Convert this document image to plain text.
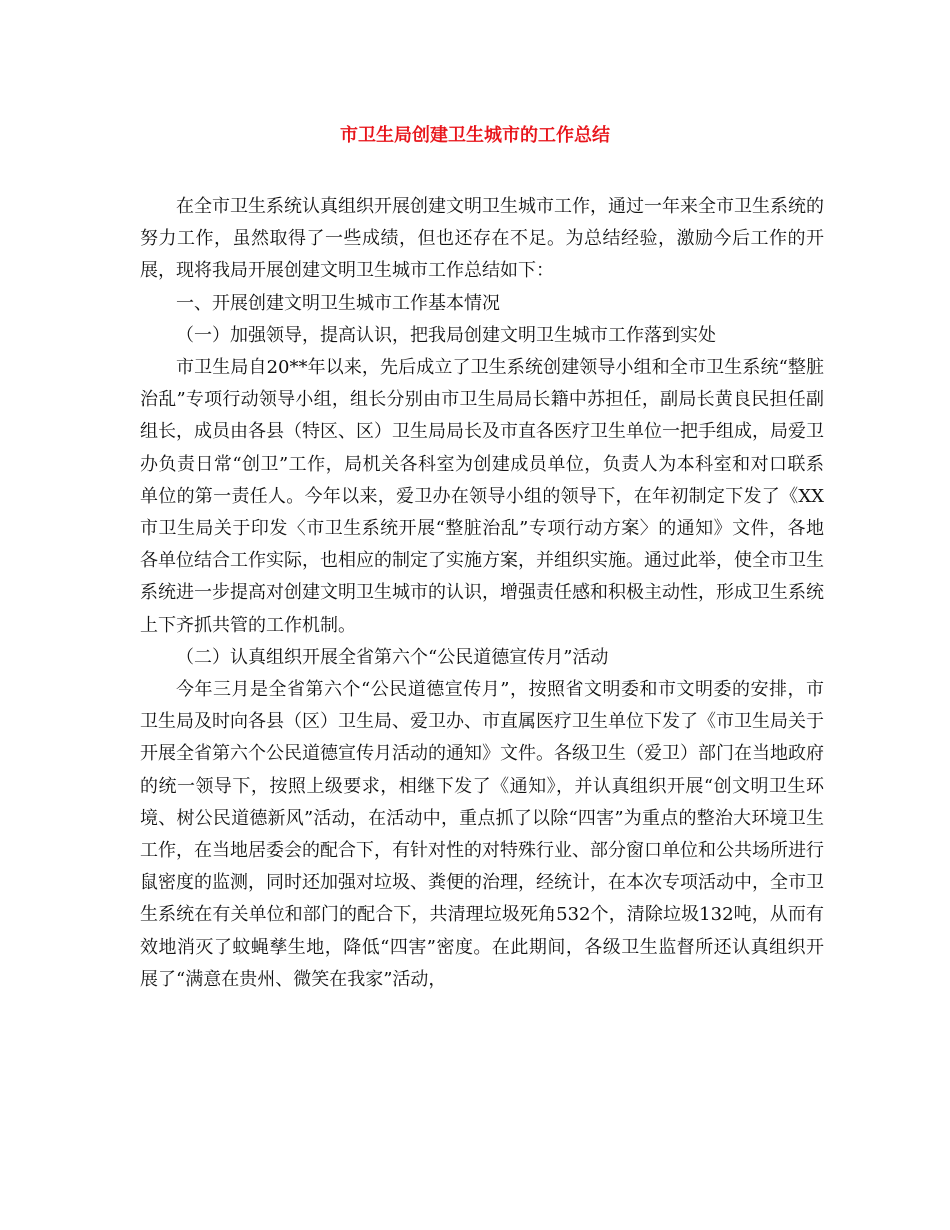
市卫生局创建卫生城市的工作总结

在全市卫生系统认真组织开展创建文明卫生城市工作，通过一年来全市卫生系统的努力工作，虽然取得了一些成绩，但也还存在不足。为总结经验，激励今后工作的开展，现将我局开展创建文明卫生城市工作总结如下：

一、开展创建文明卫生城市工作基本情况

（一）加强领导，提高认识，把我局创建文明卫生城市工作落到实处

市卫生局自20**年以来，先后成立了卫生系统创建领导小组和全市卫生系统“整脏治乱”专项行动领导小组，组长分别由市卫生局局长籍中苏担任，副局长黄良民担任副组长，成员由各县（特区、区）卫生局局长及市直各医疗卫生单位一把手组成，局爱卫办负责日常“创卫”工作，局机关各科室为创建成员单位，负责人为本科室和对口联系单位的第一责任人。今年以来，爱卫办在领导小组的领导下，在年初制定下发了《XX市卫生局关于印发〈市卫生系统开展“整脏治乱”专项行动方案〉的通知》文件，各地各单位结合工作实际，也相应的制定了实施方案，并组织实施。通过此举，使全市卫生系统进一步提高对创建文明卫生城市的认识，增强责任感和积极主动性，形成卫生系统上下齐抓共管的工作机制。

（二）认真组织开展全省第六个“公民道德宣传月”活动

今年三月是全省第六个“公民道德宣传月”，按照省文明委和市文明委的安排，市卫生局及时向各县（区）卫生局、爱卫办、市直属医疗卫生单位下发了《市卫生局关于开展全省第六个公民道德宣传月活动的通知》文件。各级卫生（爱卫）部门在当地政府的统一领导下，按照上级要求，相继下发了《通知》，并认真组织开展“创文明卫生环境、树公民道德新风”活动，在活动中，重点抓了以除“四害”为重点的整治大环境卫生工作，在当地居委会的配合下，有针对性的对特殊行业、部分窗口单位和公共场所进行鼠密度的监测，同时还加强对垃圾、粪便的治理，经统计，在本次专项活动中，全市卫生系统在有关单位和部门的配合下，共清理垃圾死角532个，清除垃圾132吨，从而有效地消灭了蚊蝇孳生地，降低“四害”密度。在此期间，各级卫生监督所还认真组织开展了“满意在贵州、微笑在我家”活动，
